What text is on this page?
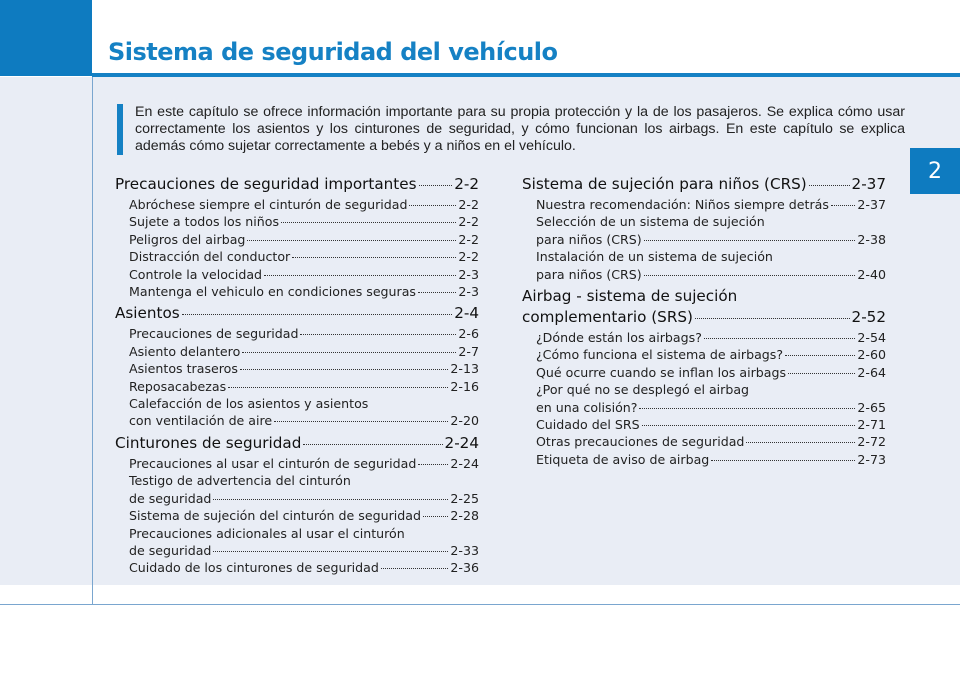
Sistema de seguridad del vehículo
2
En este capítulo se ofrece información importante para su propia protección y la de los pasajeros. Se explica cómo usar correctamente los asientos y los cinturones de seguridad, y cómo funcionan los airbags. En este capítulo se explica además cómo sujetar correctamente a bebés y a niños en el vehículo.
Precauciones de seguridad importantes 2-2
Abróchese siempre el cinturón de seguridad	2-2
Sujete a todos los niños	2-2
Peligros del airbag	2-2
Distracción del conductor	2-2
Controle la velocidad	2-3
Mantenga el vehiculo en condiciones seguras	2-3
Asientos	2-4
Precauciones de seguridad	2-6
Asiento delantero	2-7
Asientos traseros	2-13
Reposacabezas	2-16
Calefacción de los asientos y asientos
con ventilación de aire	2-20
Cinturones de seguridad	2-24
Precauciones al usar el cinturón de seguridad	2-24
Testigo de advertencia del cinturón
de seguridad	2-25
Sistema de sujeción del cinturón de seguridad 2-28
Precauciones adicionales al usar el cinturón
de seguridad	2-33
Cuidado de los cinturones de seguridad	2-36
Sistema de sujeción para niños (CRS)	2-37
Nuestra recomendación: Niños siempre detrás 2-37
Selección de un sistema de sujeción
para niños (CRS)	2-38
Instalación de un sistema de sujeción
para niños (CRS)	2-40
Airbag - sistema de sujeción
complementario (SRS)	2-52
¿Dónde están los airbags?	2-54
¿Cómo funciona el sistema de airbags?	2-60
Qué ocurre cuando se inflan los airbags	2-64
¿Por qué no se desplegó el airbag
en una colisión?	2-65
Cuidado del SRS	2-71
Otras precauciones de seguridad	2-72
Etiqueta de aviso de airbag	2-73
